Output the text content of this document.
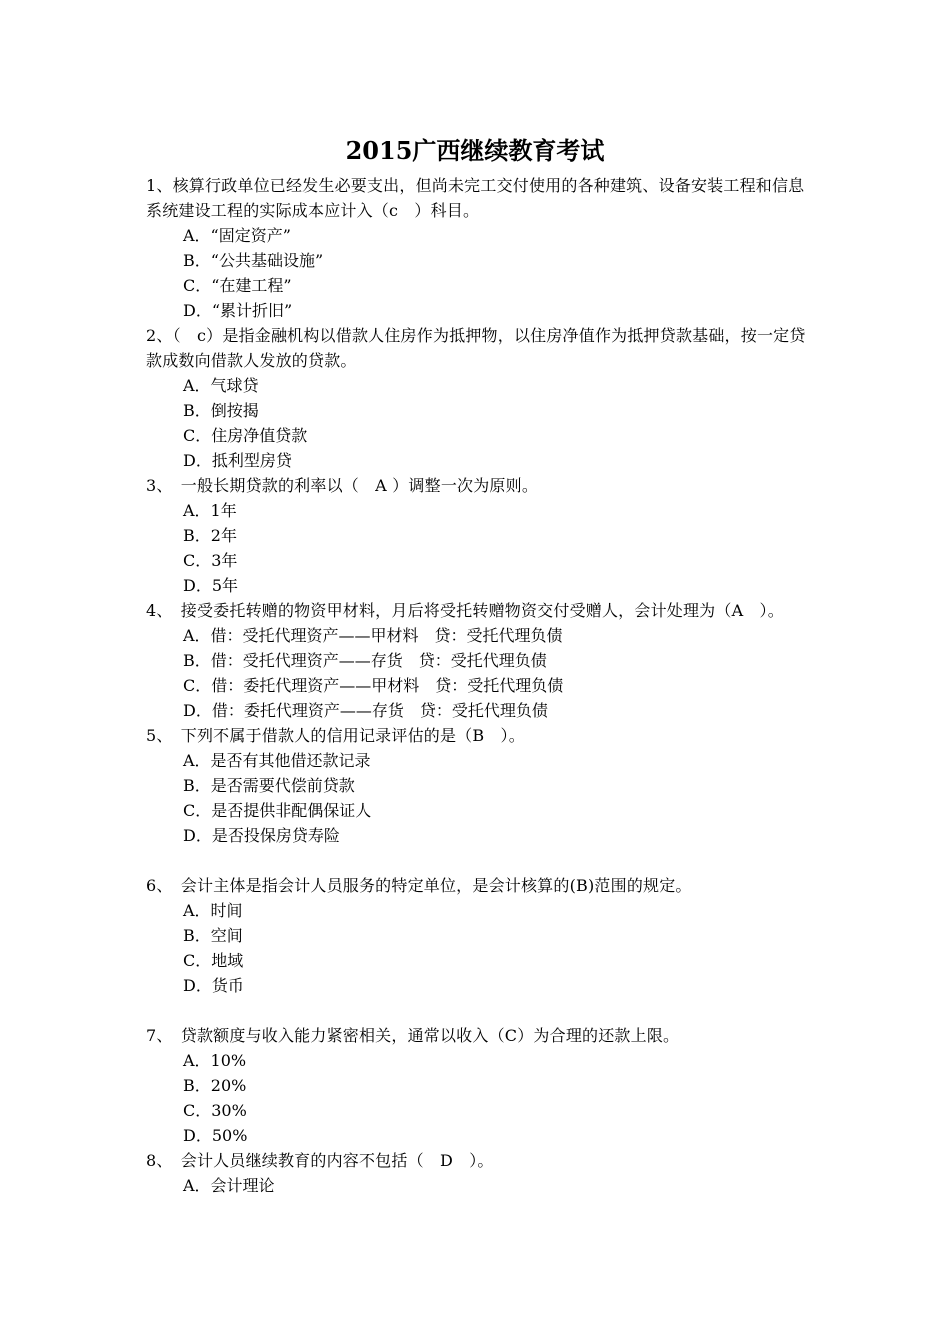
2015广西继续教育考试

1、核算行政单位已经发生必要支出，但尚未完工交付使用的各种建筑、设备安装工程和信息系统建设工程的实际成本应计入（c　）科目。

A．“固定资产”

B．“公共基础设施”

C．“在建工程”

D．“累计折旧”

2、（　c）是指金融机构以借款人住房作为抵押物，以住房净值作为抵押贷款基础，按一定贷款成数向借款人发放的贷款。

A．气球贷

B．倒按揭

C．住房净值贷款

D．抵利型房贷

3、　一般长期贷款的利率以（　A ）调整一次为原则。

A．1年

B．2年

C．3年

D．5年

4、　接受委托转赠的物资甲材料，月后将受托转赠物资交付受赠人，会计处理为（A　）。

A．借：受托代理资产——甲材料　贷：受托代理负债

B．借：受托代理资产——存货　贷：受托代理负债

C．借：委托代理资产——甲材料　贷：受托代理负债

D．借：委托代理资产——存货　贷：受托代理负债

5、　下列不属于借款人的信用记录评估的是（B　）。

A．是否有其他借还款记录

B．是否需要代偿前贷款

C．是否提供非配偶保证人

D．是否投保房贷寿险

6、　会计主体是指会计人员服务的特定单位，是会计核算的(B)范围的规定。

A．时间

B．空间

C．地域

D．货币

7、　贷款额度与收入能力紧密相关，通常以收入（C）为合理的还款上限。

A．10%

B．20%

C．30%

D．50%

8、　会计人员继续教育的内容不包括（　D　）。

A．会计理论
